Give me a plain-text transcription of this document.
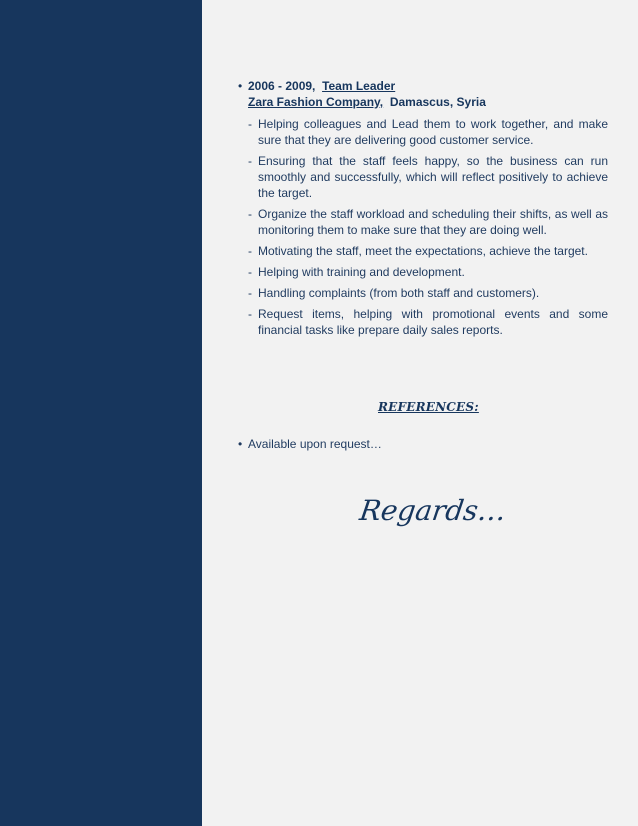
• 2006 - 2009, Team Leader
Zara Fashion Company, Damascus, Syria
- Helping colleagues and Lead them to work together, and make sure that they are delivering good customer service.
- Ensuring that the staff feels happy, so the business can run smoothly and successfully, which will reflect positively to achieve the target.
- Organize the staff workload and scheduling their shifts, as well as monitoring them to make sure that they are doing well.
- Motivating the staff, meet the expectations, achieve the target.
- Helping with training and development.
- Handling complaints (from both staff and customers).
- Request items, helping with promotional events and some financial tasks like prepare daily sales reports.
REFERENCES:
• Available upon request…
Regards…
